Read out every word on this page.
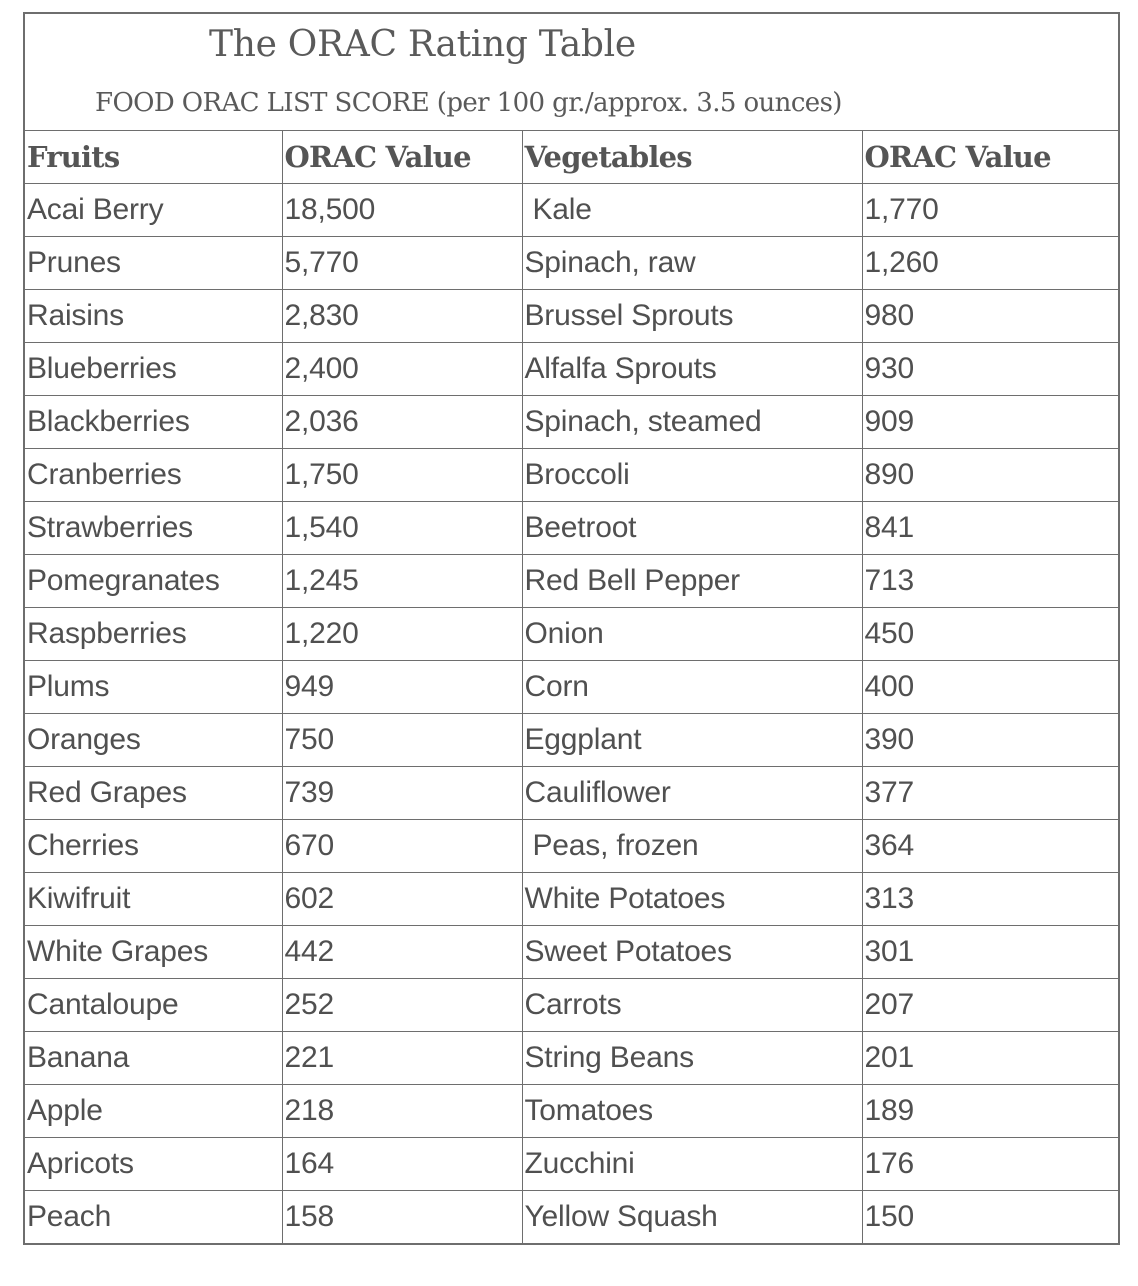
The ORAC Rating Table
FOOD ORAC LIST SCORE (per 100 gr./approx. 3.5 ounces)			

Fruits	ORAC Value	Vegetables	ORAC Value
Acai Berry	18,500	Kale	1,770
Prunes	5,770	Spinach, raw	1,260
Raisins	2,830	Brussel Sprouts	980
Blueberries	2,400	Alfalfa Sprouts	930
Blackberries	2,036	Spinach, steamed	909
Cranberries	1,750	Broccoli	890
Strawberries	1,540	Beetroot	841
Pomegranates	1,245	Red Bell Pepper	713
Raspberries	1,220	Onion	450
Plums	949	Corn	400
Oranges	750	Eggplant	390
Red Grapes	739	Cauliflower	377
Cherries	670	Peas, frozen	364
Kiwifruit	602	White Potatoes	313
White Grapes	442	Sweet Potatoes	301
Cantaloupe	252	Carrots	207
Banana	221	String Beans	201
Apple	218	Tomatoes	189
Apricots	164	Zucchini	176
Peach	158	Yellow Squash	150
